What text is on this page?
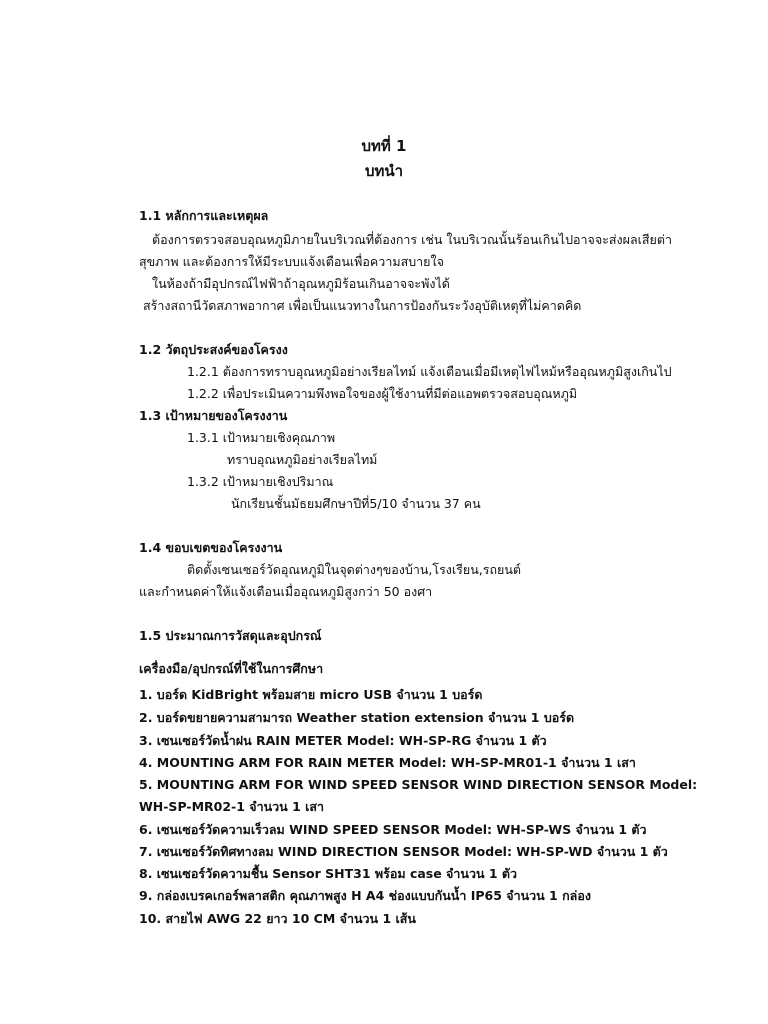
บทที่ 1
บทนำ
1.1 หลักการและเหตุผล
ต้องการตรวจสอบอุณหภูมิภายในบริเวณที่ต้องการ เช่น ในบริเวณนั้นร้อนเกินไปอาจจะส่งผลเสียต่า
สุขภาพ และต้องการให้มีระบบแจ้งเตือนเพื่อความสบายใจ
ในห้องถ้ามีอุปกรณ์ไฟฟ้าถ้าอุณหภูมิร้อนเกินอาจจะพังได้
สร้างสถานีวัดสภาพอากาศ เพื่อเป็นแนวทางในการป้องกันระวังอุบัติเหตุที่ไม่คาดคิด
1.2 วัตถุประสงค์ของโครงง
1.2.1 ต้องการทราบอุณหภูมิอย่างเรียลไทม์ แจ้งเตือนเมื่อมีเหตุไฟไหม้หรืออุณหภูมิสูงเกินไป
1.2.2 เพื่อประเมินความพึงพอใจของผู้ใช้งานที่มีต่อแอพตรวจสอบอุณหภูมิ
1.3 เป้าหมายของโครงงาน
1.3.1 เป้าหมายเชิงคุณภาพ
ทราบอุณหภูมิอย่างเรียลไทม์
1.3.2 เป้าหมายเชิงปริมาณ
นักเรียนชั้นมัธยมศึกษาปีที่5/10 จำนวน 37 คน
1.4 ขอบเขตของโครงงาน
ติดตั้งเซนเซอร์วัดอุณหภูมิในจุดต่างๆของบ้าน,โรงเรียน,รถยนต์
และกำหนดค่าให้แจ้งเตือนเมื่ออุณหภูมิสูงกว่า 50 องศา
1.5 ประมาณการวัสดุและอุปกรณ์
เครื่องมือ/อุปกรณ์ที่ใช้ในการศึกษา
1. บอร์ด KidBright พร้อมสาย micro USB จำนวน 1 บอร์ด
2. บอร์ดขยายความสามารถ Weather station extension จำนวน 1 บอร์ด
3. เซนเซอร์วัดน้ำฝน RAIN METER Model: WH-SP-RG จำนวน 1 ตัว
4. MOUNTING ARM FOR RAIN METER Model: WH-SP-MR01-1 จำนวน 1 เสา
5. MOUNTING ARM FOR WIND SPEED SENSOR WIND DIRECTION SENSOR Model:
WH-SP-MR02-1 จำนวน 1 เสา
6. เซนเซอร์วัดความเร็วลม WIND SPEED SENSOR Model: WH-SP-WS จำนวน 1 ตัว
7. เซนเซอร์วัดทิศทางลม WIND DIRECTION SENSOR Model: WH-SP-WD จำนวน 1 ตัว
8. เซนเซอร์วัดความชื้น Sensor SHT31 พร้อม case จำนวน 1 ตัว
9. กล่องเบรคเกอร์พลาสติก คุณภาพสูง H A4 ช่องแบบกันน้ำ IP65 จำนวน 1 กล่อง
10. สายไฟ AWG 22 ยาว 10 CM จำนวน 1 เส้น
